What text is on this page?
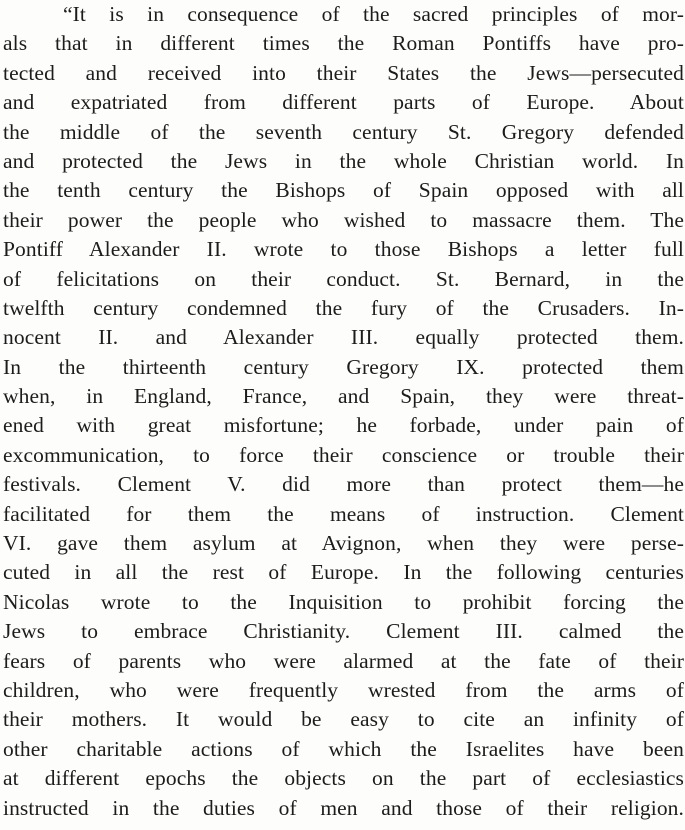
“It is in consequence of the sacred principles of mor-
als that in different times the Roman Pontiffs have pro-
tected and received into their States the Jews—persecuted
and expatriated from different parts of Europe. About
the middle of the seventh century St. Gregory defended
and protected the Jews in the whole Christian world. In
the tenth century the Bishops of Spain opposed with all
their power the people who wished to massacre them. The
Pontiff Alexander II. wrote to those Bishops a letter full
of felicitations on their conduct. St. Bernard, in the
twelfth century condemned the fury of the Crusaders. In-
nocent II. and Alexander III. equally protected them.
In the thirteenth century Gregory IX. protected them
when, in England, France, and Spain, they were threat-
ened with great misfortune; he forbade, under pain of
excommunication, to force their conscience or trouble their
festivals. Clement V. did more than protect them—he
facilitated for them the means of instruction. Clement
VI. gave them asylum at Avignon, when they were perse-
cuted in all the rest of Europe. In the following centuries
Nicolas wrote to the Inquisition to prohibit forcing the
Jews to embrace Christianity. Clement III. calmed the
fears of parents who were alarmed at the fate of their
children, who were frequently wrested from the arms of
their mothers. It would be easy to cite an infinity of
other charitable actions of which the Israelites have been
at different epochs the objects on the part of ecclesiastics
instructed in the duties of men and those of their religion.
